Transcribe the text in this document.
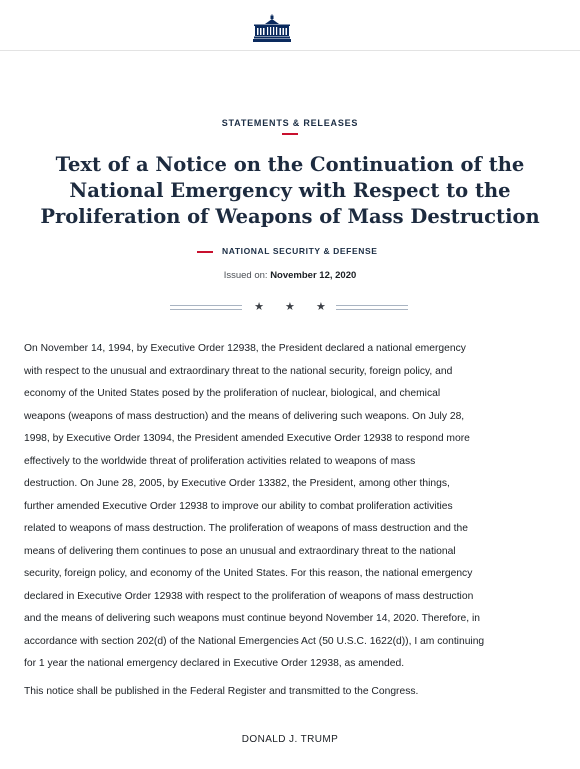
STATEMENTS & RELEASES
Text of a Notice on the Continuation of the National Emergency with Respect to the Proliferation of Weapons of Mass Destruction
NATIONAL SECURITY & DEFENSE
Issued on: November 12, 2020
★ ★ ★
On November 14, 1994, by Executive Order 12938, the President declared a national emergency
with respect to the unusual and extraordinary threat to the national security, foreign policy, and
economy of the United States posed by the proliferation of nuclear, biological, and chemical
weapons (weapons of mass destruction) and the means of delivering such weapons. On July 28,
1998, by Executive Order 13094, the President amended Executive Order 12938 to respond more
effectively to the worldwide threat of proliferation activities related to weapons of mass
destruction. On June 28, 2005, by Executive Order 13382, the President, among other things,
further amended Executive Order 12938 to improve our ability to combat proliferation activities
related to weapons of mass destruction. The proliferation of weapons of mass destruction and the
means of delivering them continues to pose an unusual and extraordinary threat to the national
security, foreign policy, and economy of the United States. For this reason, the national emergency
declared in Executive Order 12938 with respect to the proliferation of weapons of mass destruction
and the means of delivering such weapons must continue beyond November 14, 2020. Therefore, in
accordance with section 202(d) of the National Emergencies Act (50 U.S.C. 1622(d)), I am continuing
for 1 year the national emergency declared in Executive Order 12938, as amended.

This notice shall be published in the Federal Register and transmitted to the Congress.

DONALD J. TRUMP
